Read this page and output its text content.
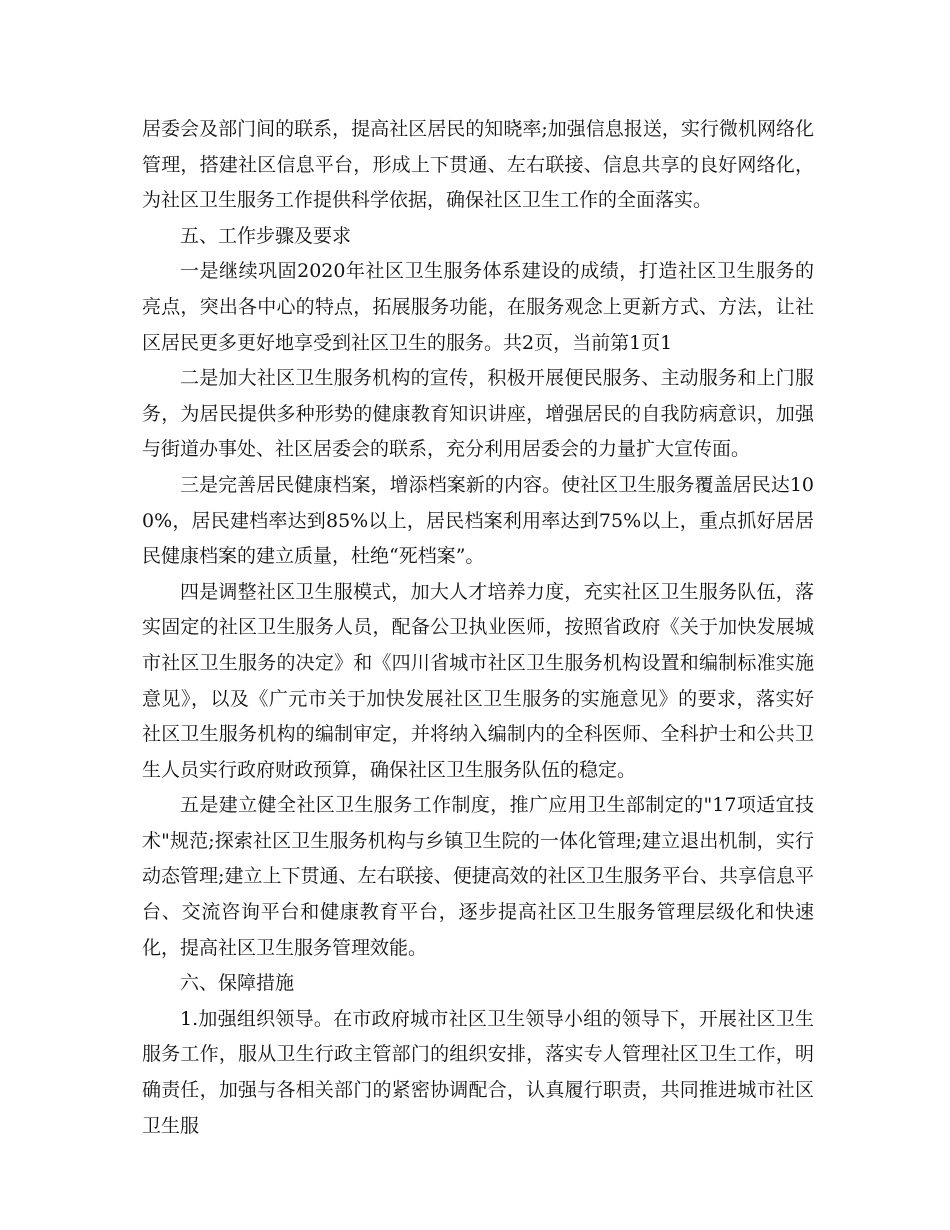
居委会及部门间的联系，提高社区居民的知晓率;加强信息报送，实行微机网络化管理，搭建社区信息平台，形成上下贯通、左右联接、信息共享的良好网络化，为社区卫生服务工作提供科学依据，确保社区卫生工作的全面落实。

五、工作步骤及要求

一是继续巩固2020年社区卫生服务体系建设的成绩，打造社区卫生服务的亮点，突出各中心的特点，拓展服务功能，在服务观念上更新方式、方法，让社区居民更多更好地享受到社区卫生的服务。共2页，当前第1页1

二是加大社区卫生服务机构的宣传，积极开展便民服务、主动服务和上门服务，为居民提供多种形势的健康教育知识讲座，增强居民的自我防病意识，加强与街道办事处、社区居委会的联系，充分利用居委会的力量扩大宣传面。

三是完善居民健康档案，增添档案新的内容。使社区卫生服务覆盖居民达100%，居民建档率达到85%以上，居民档案利用率达到75%以上，重点抓好居居民健康档案的建立质量，杜绝“死档案”。

四是调整社区卫生服模式，加大人才培养力度，充实社区卫生服务队伍，落实固定的社区卫生服务人员，配备公卫执业医师，按照省政府《关于加快发展城市社区卫生服务的决定》和《四川省城市社区卫生服务机构设置和编制标准实施意见》，以及《广元市关于加快发展社区卫生服务的实施意见》的要求，落实好社区卫生服务机构的编制审定，并将纳入编制内的全科医师、全科护士和公共卫生人员实行政府财政预算，确保社区卫生服务队伍的稳定。

五是建立健全社区卫生服务工作制度，推广应用卫生部制定的"17项适宜技术"规范;探索社区卫生服务机构与乡镇卫生院的一体化管理;建立退出机制，实行动态管理;建立上下贯通、左右联接、便捷高效的社区卫生服务平台、共享信息平台、交流咨询平台和健康教育平台，逐步提高社区卫生服务管理层级化和快速化，提高社区卫生服务管理效能。

六、保障措施

1.加强组织领导。在市政府城市社区卫生领导小组的领导下，开展社区卫生服务工作，服从卫生行政主管部门的组织安排，落实专人管理社区卫生工作，明确责任，加强与各相关部门的紧密协调配合，认真履行职责，共同推进城市社区卫生服
